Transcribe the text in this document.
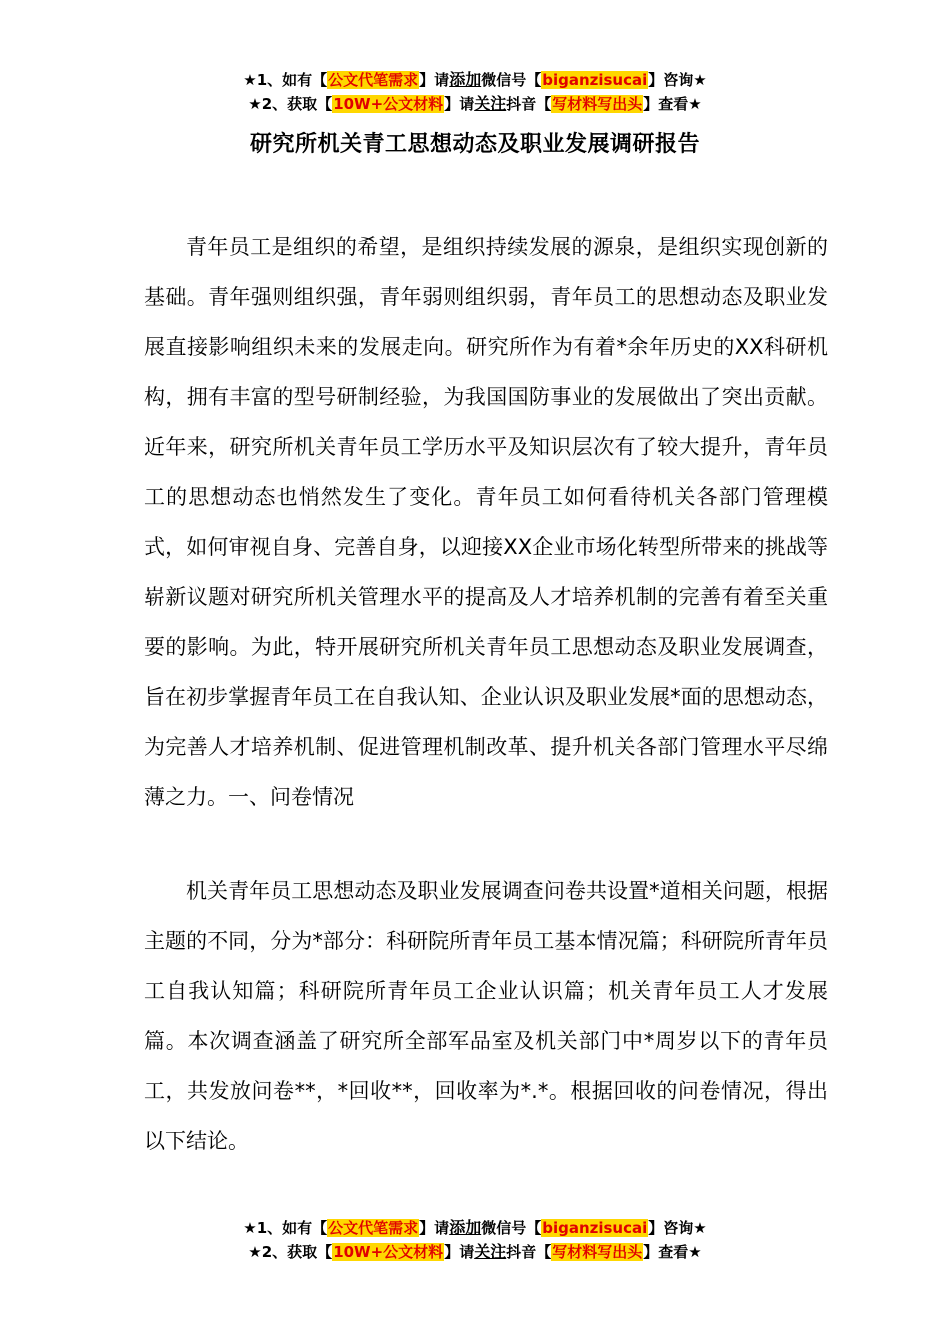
★1、如有【公文代笔需求】请添加微信号【biganzisucai】咨询★
★2、获取【10W+公文材料】请关注抖音【写材料写出头】查看★
研究所机关青工思想动态及职业发展调研报告

青年员工是组织的希望，是组织持续发展的源泉，是组织实现创新的基础。青年强则组织强，青年弱则组织弱，青年员工的思想动态及职业发展直接影响组织未来的发展走向。研究所作为有着*余年历史的XX科研机构，拥有丰富的型号研制经验，为我国国防事业的发展做出了突出贡献。近年来，研究所机关青年员工学历水平及知识层次有了较大提升，青年员工的思想动态也悄然发生了变化。青年员工如何看待机关各部门管理模式，如何审视自身、完善自身，以迎接XX企业市场化转型所带来的挑战等崭新议题对研究所机关管理水平的提高及人才培养机制的完善有着至关重要的影响。为此，特开展研究所机关青年员工思想动态及职业发展调查，旨在初步掌握青年员工在自我认知、企业认识及职业发展*面的思想动态，为完善人才培养机制、促进管理机制改革、提升机关各部门管理水平尽绵薄之力。一、问卷情况

机关青年员工思想动态及职业发展调查问卷共设置*道相关问题，根据主题的不同，分为*部分：科研院所青年员工基本情况篇；科研院所青年员工自我认知篇；科研院所青年员工企业认识篇；机关青年员工人才发展篇。本次调查涵盖了研究所全部军品室及机关部门中*周岁以下的青年员工，共发放问卷**，*回收**，回收率为*.*。根据回收的问卷情况，得出以下结论。

★1、如有【公文代笔需求】请添加微信号【biganzisucai】咨询★
★2、获取【10W+公文材料】请关注抖音【写材料写出头】查看★
